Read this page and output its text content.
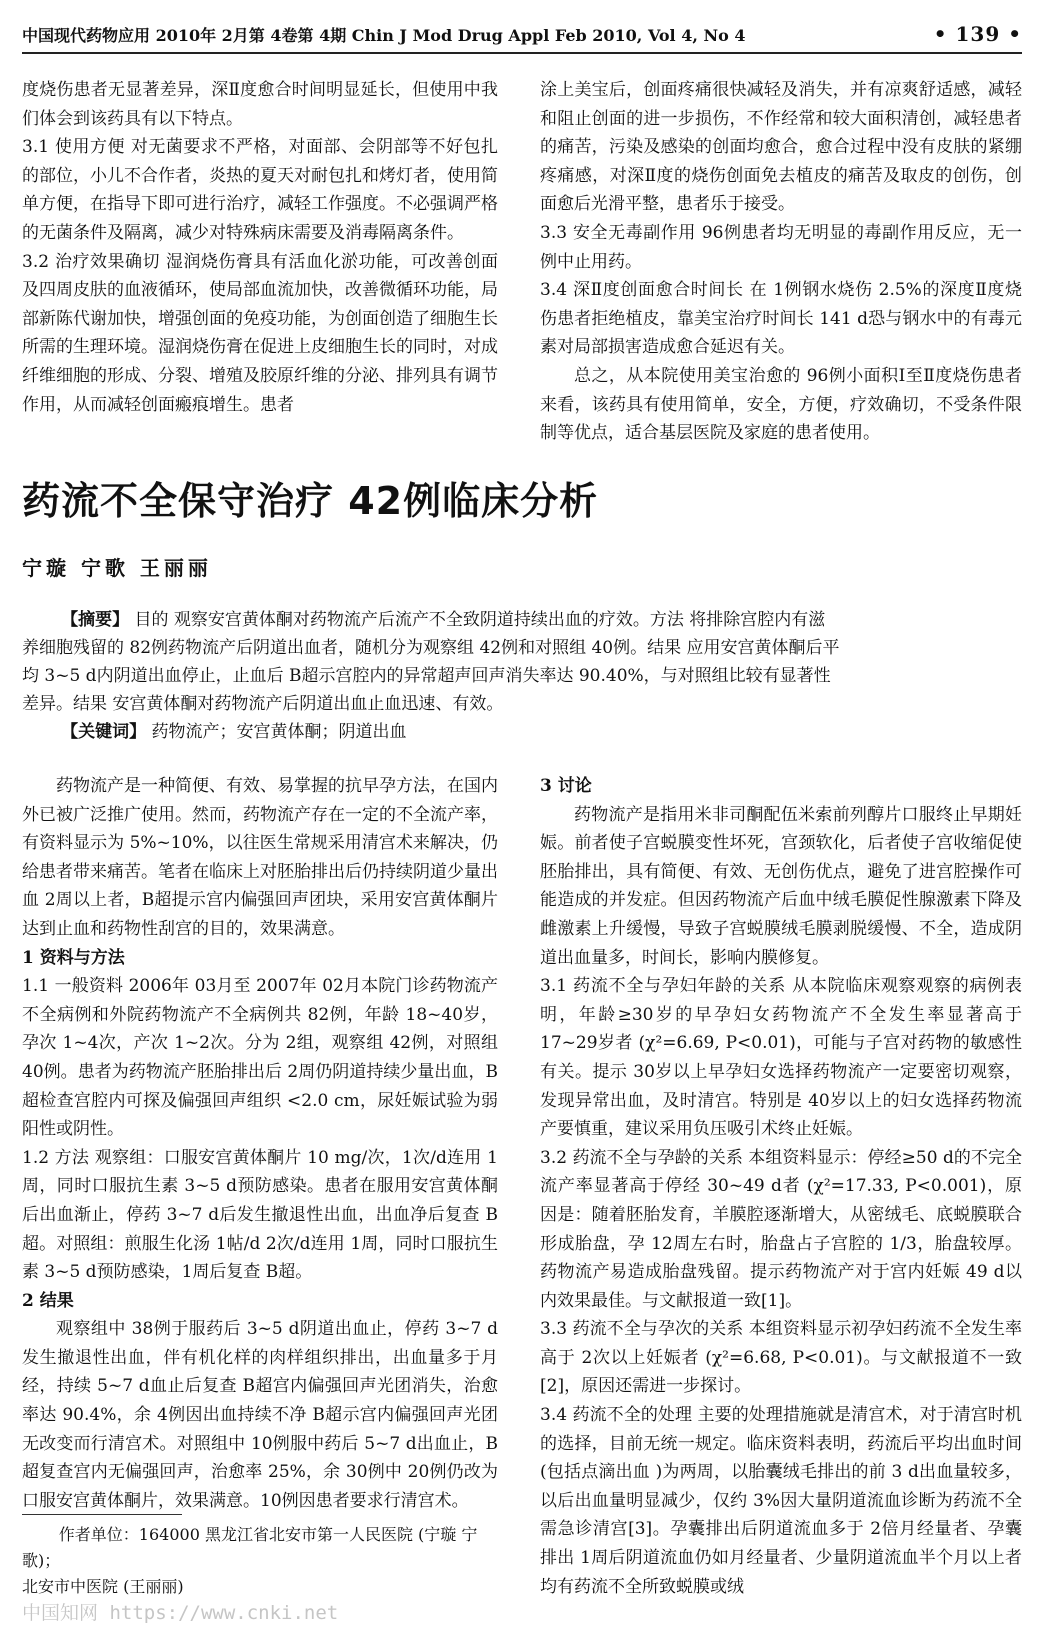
中国现代药物应用 2010年 2月第 4卷第 4期 Chin J Mod Drug Appl Feb 2010, Vol 4, No 4	• 139 •

度烧伤患者无显著差异，深Ⅱ度愈合时间明显延长，但使用中我们体会到该药具有以下特点。

3.1 使用方便 对无菌要求不严格，对面部、会阴部等不好包扎的部位，小儿不合作者，炎热的夏天对耐包扎和烤灯者，使用简单方便，在指导下即可进行治疗，减轻工作强度。不必强调严格的无菌条件及隔离，减少对特殊病床需要及消毒隔离条件。

3.2 治疗效果确切 湿润烧伤膏具有活血化淤功能，可改善创面及四周皮肤的血液循环，使局部血流加快，改善微循环功能，局部新陈代谢加快，增强创面的免疫功能，为创面创造了细胞生长所需的生理环境。湿润烧伤膏在促进上皮细胞生长的同时，对成纤维细胞的形成、分裂、增殖及胶原纤维的分泌、排列具有调节作用，从而减轻创面瘢痕增生。患者

涂上美宝后，创面疼痛很快减轻及消失，并有凉爽舒适感，减轻和阻止创面的进一步损伤，不作经常和较大面积清创，减轻患者的痛苦，污染及感染的创面均愈合，愈合过程中没有皮肤的紧绷疼痛感，对深Ⅱ度的烧伤创面免去植皮的痛苦及取皮的创伤，创面愈后光滑平整，患者乐于接受。

3.3 安全无毒副作用 96例患者均无明显的毒副作用反应，无一例中止用药。

3.4 深Ⅱ度创面愈合时间长 在 1例钢水烧伤 2.5%的深度Ⅱ度烧伤患者拒绝植皮，靠美宝治疗时间长 141 d恐与钢水中的有毒元素对局部损害造成愈合延迟有关。

总之，从本院使用美宝治愈的 96例小面积Ⅰ至Ⅱ度烧伤患者来看，该药具有使用简单，安全，方便，疗效确切，不受条件限制等优点，适合基层医院及家庭的患者使用。

药流不全保守治疗 42例临床分析
宁璇 宁歌 王丽丽

【摘要】 目的 观察安宫黄体酮对药物流产后流产不全致阴道持续出血的疗效。方法 将排除宫腔内有滋养细胞残留的 82例药物流产后阴道出血者，随机分为观察组 42例和对照组 40例。结果 应用安宫黄体酮后平均 3~5 d内阴道出血停止，止血后 B超示宫腔内的异常超声回声消失率达 90.40%，与对照组比较有显著性差异。结果 安宫黄体酮对药物流产后阴道出血止血迅速、有效。

【关键词】 药物流产；安宫黄体酮；阴道出血

药物流产是一种简便、有效、易掌握的抗早孕方法，在国内外已被广泛推广使用。然而，药物流产存在一定的不全流产率，有资料显示为 5%~10%，以往医生常规采用清宫术来解决，仍给患者带来痛苦。笔者在临床上对胚胎排出后仍持续阴道少量出血 2周以上者，B超提示宫内偏强回声团块，采用安宫黄体酮片达到止血和药物性刮宫的目的，效果满意。

1 资料与方法

1.1 一般资料 2006年 03月至 2007年 02月本院门诊药物流产不全病例和外院药物流产不全病例共 82例，年龄 18~40岁，孕次 1~4次，产次 1~2次。分为 2组，观察组 42例，对照组 40例。患者为药物流产胚胎排出后 2周仍阴道持续少量出血，B超检查宫腔内可探及偏强回声组织 <2.0 cm，尿妊娠试验为弱阳性或阴性。

1.2 方法 观察组：口服安宫黄体酮片 10 mg/次，1次/d连用 1周，同时口服抗生素 3~5 d预防感染。患者在服用安宫黄体酮后出血渐止，停药 3~7 d后发生撤退性出血，出血净后复查 B超。对照组：煎服生化汤 1帖/d 2次/d连用 1周，同时口服抗生素 3~5 d预防感染，1周后复查 B超。

2 结果

观察组中 38例于服药后 3~5 d阴道出血止，停药 3~7 d发生撤退性出血，伴有机化样的肉样组织排出，出血量多于月经，持续 5~7 d血止后复查 B超宫内偏强回声光团消失，治愈率达 90.4%，余 4例因出血持续不净 B超示宫内偏强回声光团无改变而行清宫术。对照组中 10例服中药后 5~7 d出血止，B超复查宫内无偏强回声，治愈率 25%，余 30例中 20例仍改为口服安宫黄体酮片，效果满意。10例因患者要求行清宫术。

3 讨论

药物流产是指用米非司酮配伍米索前列醇片口服终止早期妊娠。前者使子宫蜕膜变性坏死，宫颈软化，后者使子宫收缩促使胚胎排出，具有简便、有效、无创伤优点，避免了进宫腔操作可能造成的并发症。但因药物流产后血中绒毛膜促性腺激素下降及雌激素上升缓慢，导致子宫蜕膜绒毛膜剥脱缓慢、不全，造成阴道出血量多，时间长，影响内膜修复。

3.1 药流不全与孕妇年龄的关系 从本院临床观察观察的病例表明，年龄≥30岁的早孕妇女药物流产不全发生率显著高于 17~29岁者 (χ²=6.69, P<0.01)，可能与子宫对药物的敏感性有关。提示 30岁以上早孕妇女选择药物流产一定要密切观察，发现异常出血，及时清宫。特别是 40岁以上的妇女选择药物流产要慎重，建议采用负压吸引术终止妊娠。

3.2 药流不全与孕龄的关系 本组资料显示：停经≥50 d的不完全流产率显著高于停经 30~49 d者 (χ²=17.33, P<0.001)，原因是：随着胚胎发育，羊膜腔逐渐增大，从密绒毛、底蜕膜联合形成胎盘，孕 12周左右时，胎盘占子宫腔的 1/3，胎盘较厚。药物流产易造成胎盘残留。提示药物流产对于宫内妊娠 49 d以内效果最佳。与文献报道一致[1]。

3.3 药流不全与孕次的关系 本组资料显示初孕妇药流不全发生率高于 2次以上妊娠者 (χ²=6.68, P<0.01)。与文献报道不一致[2]，原因还需进一步探讨。

3.4 药流不全的处理 主要的处理措施就是清宫术，对于清宫时机的选择，目前无统一规定。临床资料表明，药流后平均出血时间 (包括点滴出血 )为两周，以胎囊绒毛排出的前 3 d出血量较多，以后出血量明显减少，仅约 3%因大量阴道流血诊断为药流不全需急诊清宫[3]。孕囊排出后阴道流血多于 2倍月经量者、孕囊排出 1周后阴道流血仍如月经量者、少量阴道流血半个月以上者均有药流不全所致蜕膜或绒

作者单位：164000 黑龙江省北安市第一人民医院 (宁璇 宁歌)；

北安市中医院 (王丽丽)

中国知网 https://www.cnki.net
